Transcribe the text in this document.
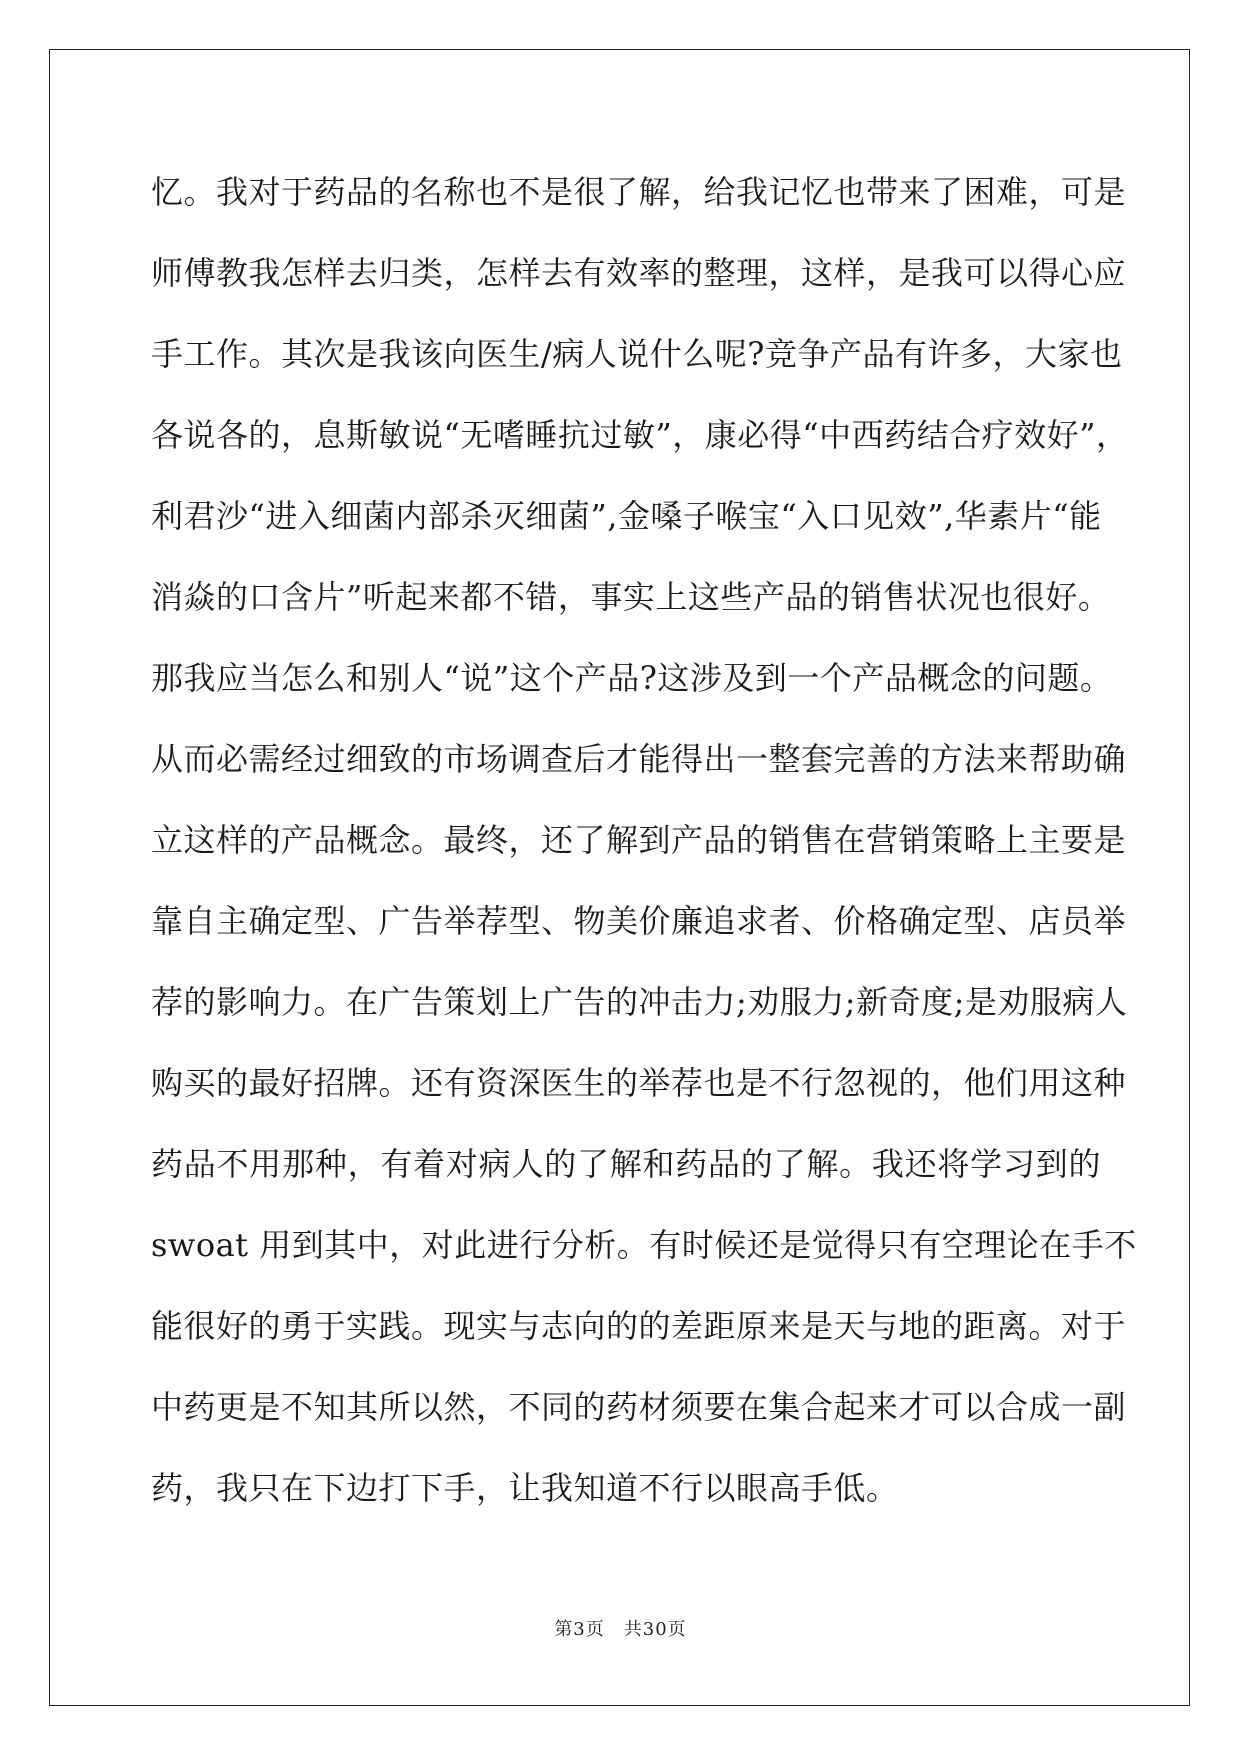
忆。我对于药品的名称也不是很了解，给我记忆也带来了困难，可是
师傅教我怎样去归类，怎样去有效率的整理，这样，是我可以得心应
手工作。其次是我该向医生/病人说什么呢?竞争产品有许多，大家也
各说各的，息斯敏说“无嗜睡抗过敏”，康必得“中西药结合疗效好”，
利君沙“进入细菌内部杀灭细菌”,金嗓子喉宝“入口见效”,华素片“能
消焱的口含片”听起来都不错，事实上这些产品的销售状况也很好。
那我应当怎么和别人“说”这个产品?这涉及到一个产品概念的问题。
从而必需经过细致的市场调查后才能得出一整套完善的方法来帮助确
立这样的产品概念。最终，还了解到产品的销售在营销策略上主要是
靠自主确定型、广告举荐型、物美价廉追求者、价格确定型、店员举
荐的影响力。在广告策划上广告的冲击力;劝服力;新奇度;是劝服病人
购买的最好招牌。还有资深医生的举荐也是不行忽视的，他们用这种
药品不用那种，有着对病人的了解和药品的了解。我还将学习到的
swoat 用到其中，对此进行分析。有时候还是觉得只有空理论在手不
能很好的勇于实践。现实与志向的的差距原来是天与地的距离。对于
中药更是不知其所以然，不同的药材须要在集合起来才可以合成一副
药，我只在下边打下手，让我知道不行以眼高手低。
第3页　共30页
